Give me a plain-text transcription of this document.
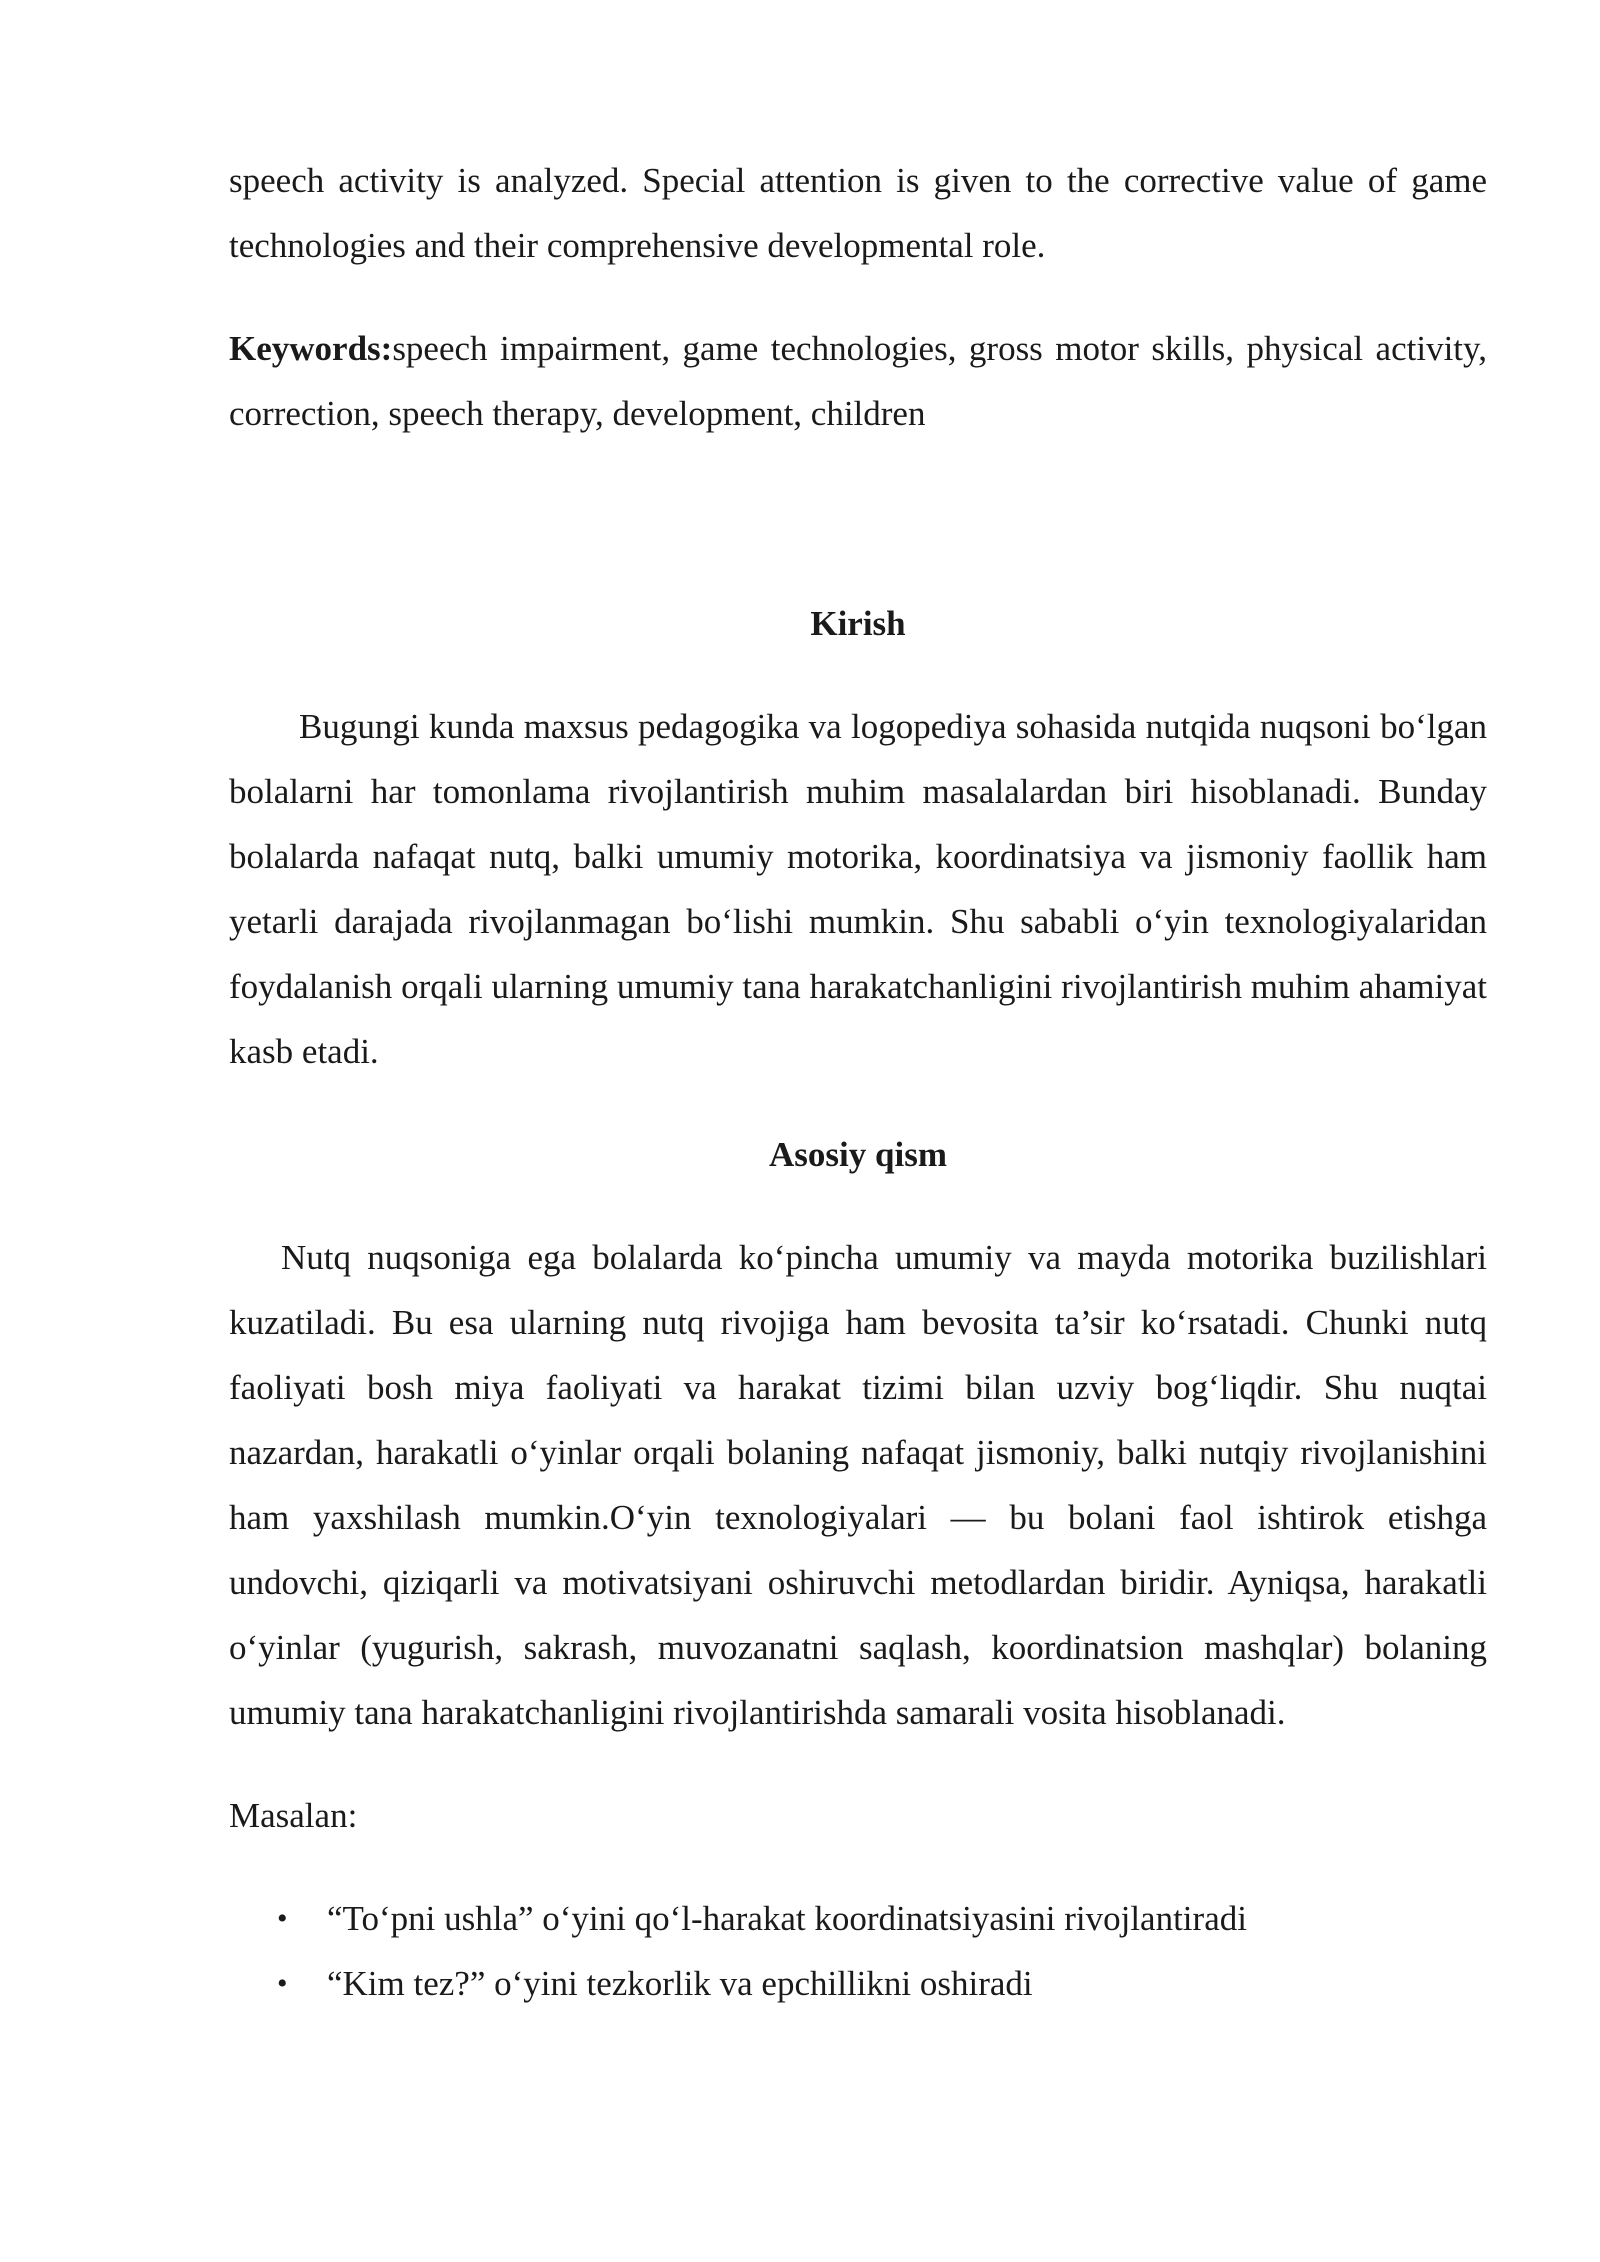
speech activity is analyzed. Special attention is given to the corrective value of game technologies and their comprehensive developmental role.

Keywords:speech impairment, game technologies, gross motor skills, physical activity, correction, speech therapy, development, children

Kirish

Bugungi kunda maxsus pedagogika va logopediya sohasida nutqida nuqsoni bo‘lgan bolalarni har tomonlama rivojlantirish muhim masalalardan biri hisoblanadi. Bunday bolalarda nafaqat nutq, balki umumiy motorika, koordinatsiya va jismoniy faollik ham yetarli darajada rivojlanmagan bo‘lishi mumkin. Shu sababli o‘yin texnologiyalaridan foydalanish orqali ularning umumiy tana harakatchanligini rivojlantirish muhim ahamiyat kasb etadi.

Asosiy qism

Nutq nuqsoniga ega bolalarda ko‘pincha umumiy va mayda motorika buzilishlari kuzatiladi. Bu esa ularning nutq rivojiga ham bevosita ta’sir ko‘rsatadi. Chunki nutq faoliyati bosh miya faoliyati va harakat tizimi bilan uzviy bog‘liqdir. Shu nuqtai nazardan, harakatli o‘yinlar orqali bolaning nafaqat jismoniy, balki nutqiy rivojlanishini ham yaxshilash mumkin.O‘yin texnologiyalari — bu bolani faol ishtirok etishga undovchi, qiziqarli va motivatsiyani oshiruvchi metodlardan biridir. Ayniqsa, harakatli o‘yinlar (yugurish, sakrash, muvozanatni saqlash, koordinatsion mashqlar) bolaning umumiy tana harakatchanligini rivojlantirishda samarali vosita hisoblanadi.

Masalan:

• “To‘pni ushla” o‘yini qo‘l-harakat koordinatsiyasini rivojlantiradi
• “Kim tez?” o‘yini tezkorlik va epchillikni oshiradi
